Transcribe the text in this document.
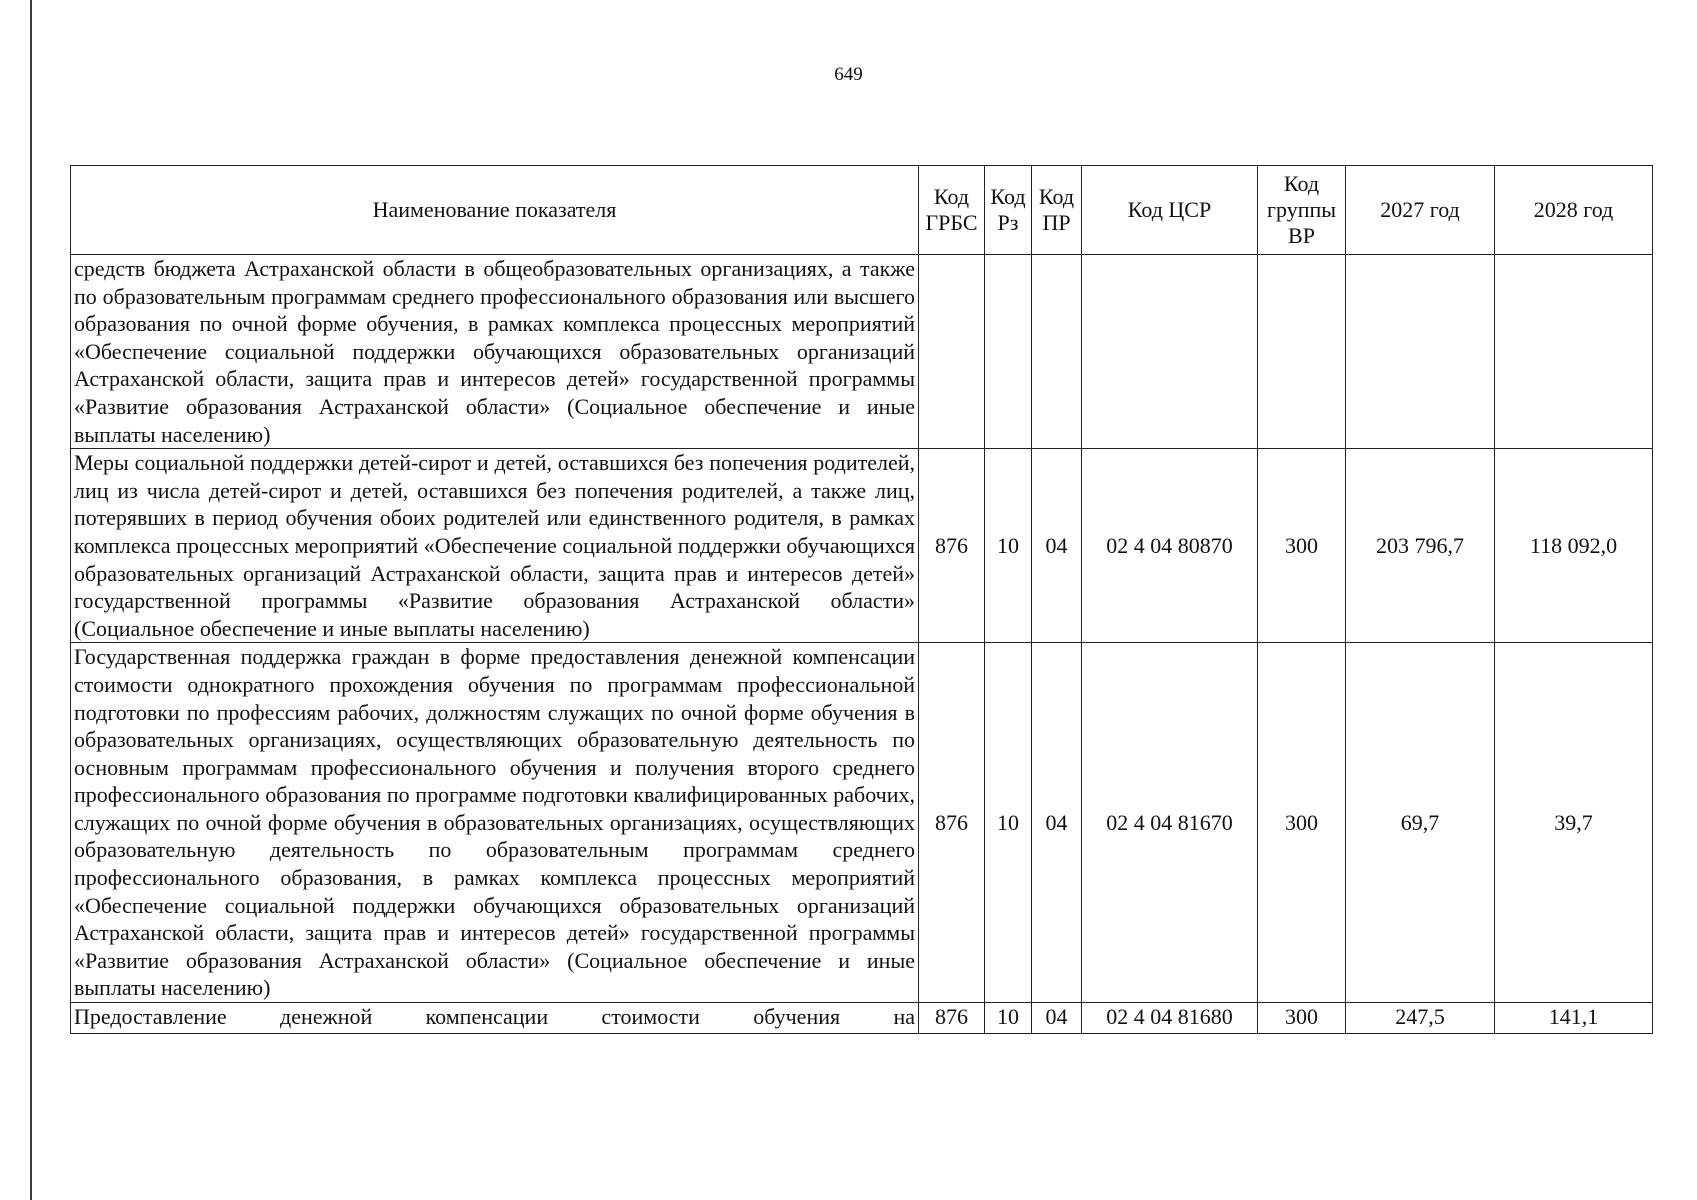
649
Наименование показателя	Код ГРБС	Код Рз	Код ПР	Код ЦСР	Код группы ВР	2027 год	2028 год
средств бюджета Астраханской области в общеобразовательных организациях, а также по образовательным программам среднего профессионального образования или высшего образования по очной форме обучения, в рамках комплекса процессных мероприятий «Обеспечение социальной поддержки обучающихся образовательных организаций Астраханской области, защита прав и интересов детей» государственной программы «Развитие образования Астраханской области» (Социальное обеспечение и иные выплаты населению)							
Меры социальной поддержки детей-сирот и детей, оставшихся без попечения родителей, лиц из числа детей-сирот и детей, оставшихся без попечения родителей, а также лиц, потерявших в период обучения обоих родителей или единственного родителя, в рамках комплекса процессных мероприятий «Обеспечение социальной поддержки обучающихся образовательных организаций Астраханской области, защита прав и интересов детей» государственной программы «Развитие образования Астраханской области» (Социальное обеспечение и иные выплаты населению)	876	10	04	02 4 04 80870	300	203 796,7	118 092,0
Государственная поддержка граждан в форме предоставления денежной компенсации стоимости однократного прохождения обучения по программам профессиональной подготовки по профессиям рабочих, должностям служащих по очной форме обучения в образовательных организациях, осуществляющих образовательную деятельность по основным программам профессионального обучения и получения второго среднего профессионального образования по программе подготовки квалифицированных рабочих, служащих по очной форме обучения в образовательных организациях, осуществляющих образовательную деятельность по образовательным программам среднего профессионального образования, в рамках комплекса процессных мероприятий «Обеспечение социальной поддержки обучающихся образовательных организаций Астраханской области, защита прав и интересов детей» государственной программы «Развитие образования Астраханской области» (Социальное обеспечение и иные выплаты населению)	876	10	04	02 4 04 81670	300	69,7	39,7
Предоставление денежной компенсации стоимости обучения на	876	10	04	02 4 04 81680	300	247,5	141,1
